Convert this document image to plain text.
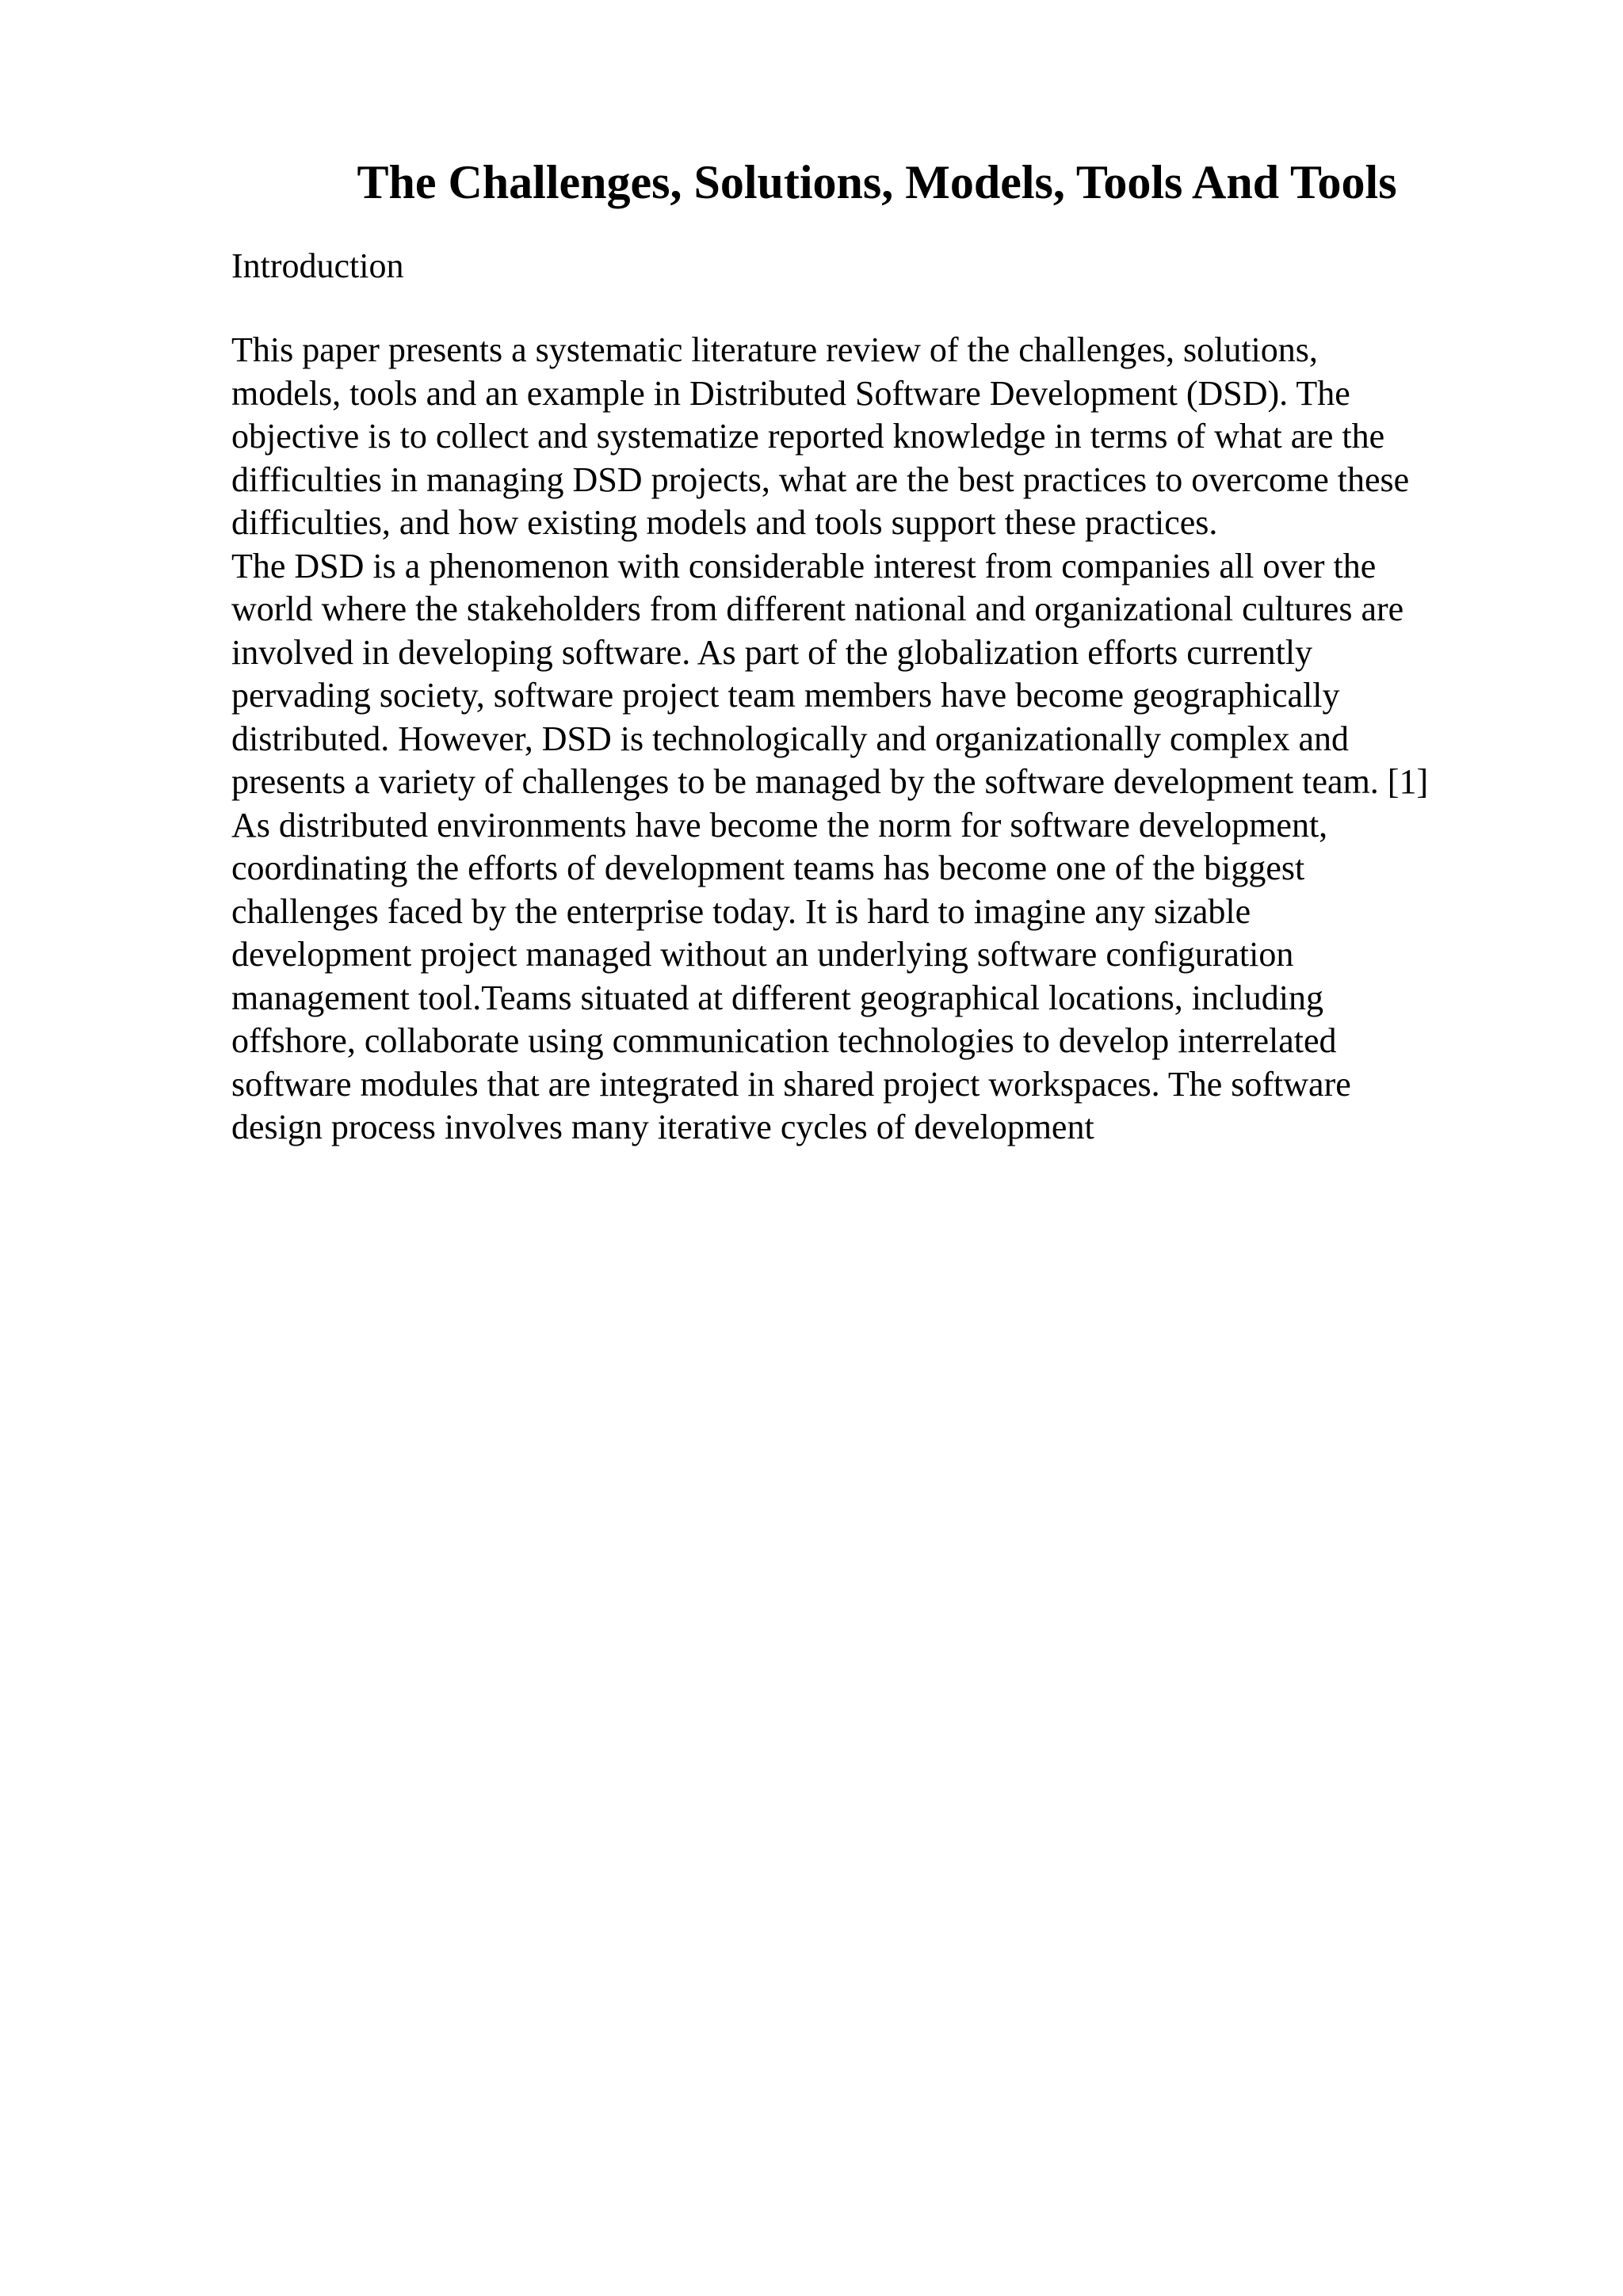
The Challenges, Solutions, Models, Tools And Tools
Introduction
This paper presents a systematic literature review of the challenges, solutions,
models, tools and an example in Distributed Software Development (DSD). The
objective is to collect and systematize reported knowledge in terms of what are the
difficulties in managing DSD projects, what are the best practices to overcome these
difficulties, and how existing models and tools support these practices.
The DSD is a phenomenon with considerable interest from companies all over the
world where the stakeholders from different national and organizational cultures are
involved in developing software. As part of the globalization efforts currently
pervading society, software project team members have become geographically
distributed. However, DSD is technologically and organizationally complex and
presents a variety of challenges to be managed by the software development team. [1]
As distributed environments have become the norm for software development,
coordinating the efforts of development teams has become one of the biggest
challenges faced by the enterprise today. It is hard to imagine any sizable
development project managed without an underlying software configuration
management tool.Teams situated at different geographical locations, including
offshore, collaborate using communication technologies to develop interrelated
software modules that are integrated in shared project workspaces. The software
design process involves many iterative cycles of development
